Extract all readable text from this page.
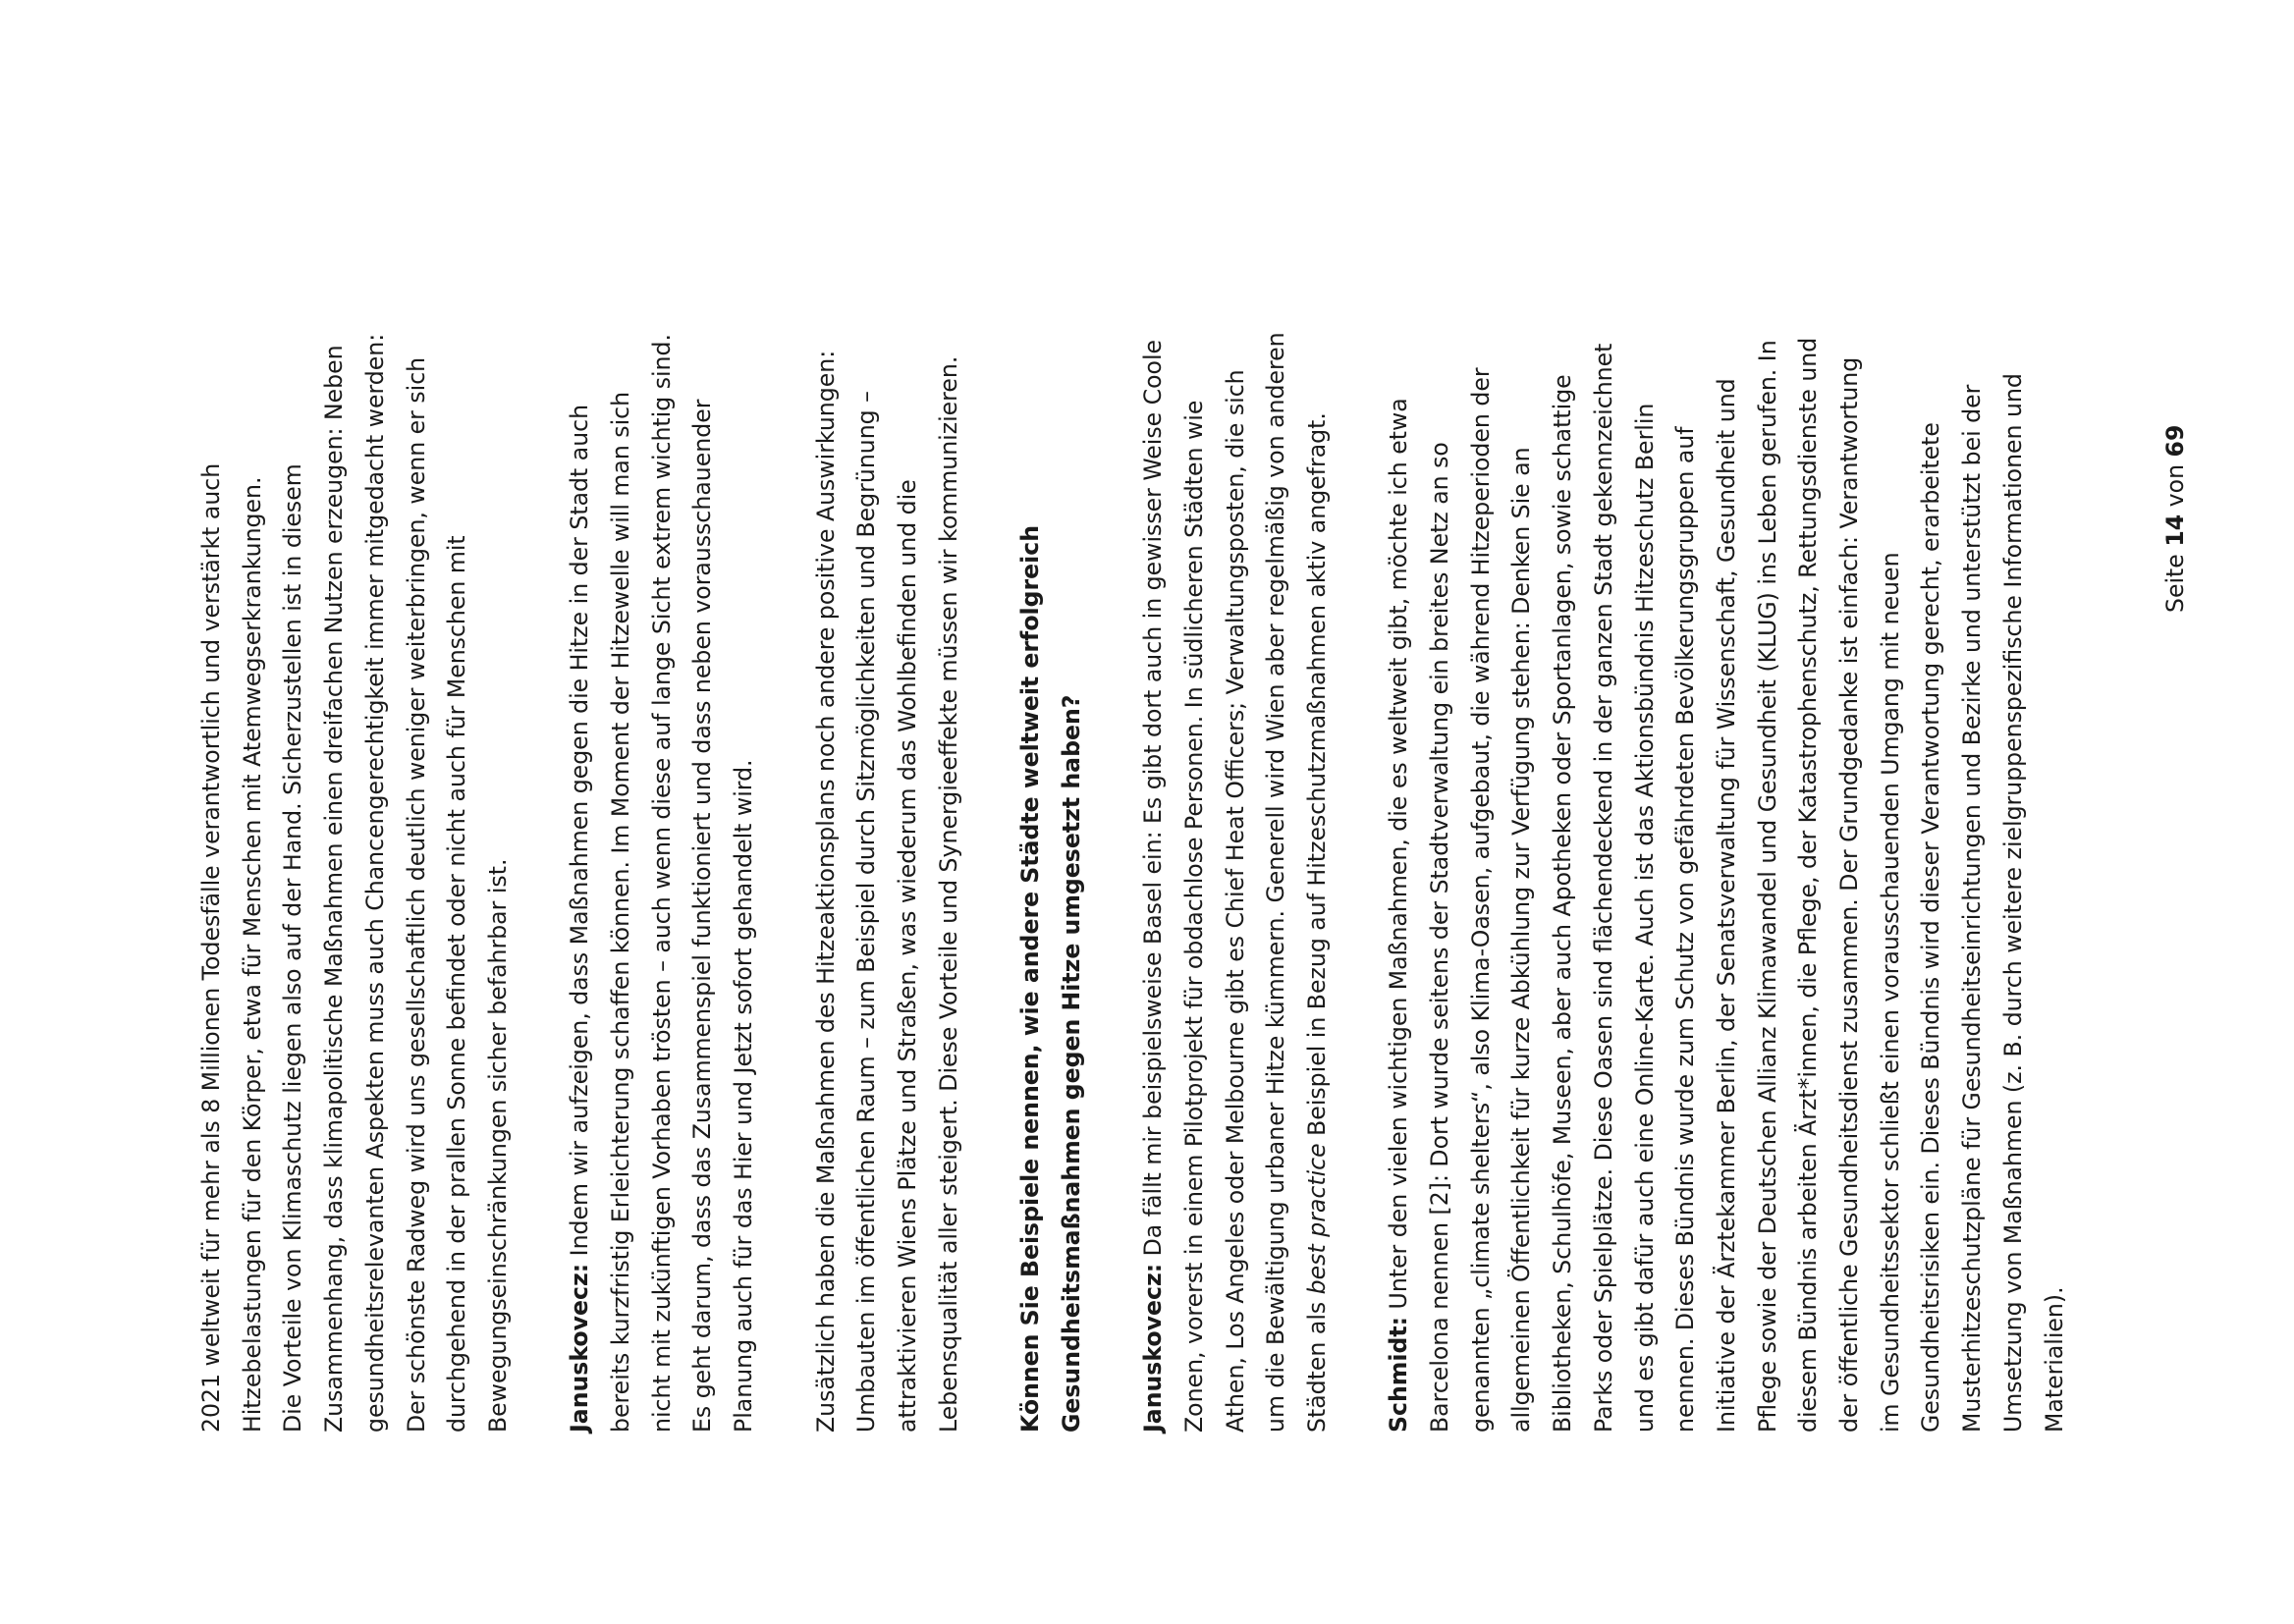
2021 weltweit für mehr als 8 Millionen Todesfälle verantwortlich und verstärkt auch Hitzebelastungen für den Körper, etwa für Menschen mit Atemwegserkrankungen. Die Vorteile von Klimaschutz liegen also auf der Hand. Sicherzustellen ist in diesem Zusammenhang, dass klimapolitische Maßnahmen einen dreifachen Nutzen erzeugen: Neben gesundheitsrelevanten Aspekten muss auch Chancengerechtigkeit immer mitgedacht werden: Der schönste Radweg wird uns gesellschaftlich deutlich weniger weiterbringen, wenn er sich durchgehend in der prallen Sonne befindet oder nicht auch für Menschen mit Bewegungseinschränkungen sicher befahrbar ist.	Januskovecz: Indem wir aufzeigen, dass Maßnahmen gegen die Hitze in der Stadt auch bereits kurzfristig Erleichterung schaffen können. Im Moment der Hitzewelle will man sich nicht mit zukünftigen Vorhaben trösten – auch wenn diese auf lange Sicht extrem wichtig sind. Es geht darum, dass das Zusammenspiel funktioniert und dass neben vorausschauender Planung auch für das Hier und Jetzt sofort gehandelt wird.	Zusätzlich haben die Maßnahmen des Hitzeaktionsplans noch andere positive Auswirkungen: Umbauten im öffentlichen Raum – zum Beispiel durch Sitzmöglichkeiten und Begrünung – attraktivieren Wiens Plätze und Straßen, was wiederum das Wohlbefinden und die Lebensqualität aller steigert. Diese Vorteile und Synergieeffekte müssen wir kommunizieren.	Können Sie Beispiele nennen, wie andere Städte weltweit erfolgreich Gesundheitsmaßnahmen gegen Hitze umgesetzt haben?	Januskovecz: Da fällt mir beispielsweise Basel ein: Es gibt dort auch in gewisser Weise Coole Zonen, vorerst in einem Pilotprojekt für obdachlose Personen. In südlicheren Städten wie Athen, Los Angeles oder Melbourne gibt es Chief Heat Officers; Verwaltungsposten, die sich um die Bewältigung urbaner Hitze kümmern. Generell wird Wien aber regelmäßig von anderen Städten als best practice Beispiel in Bezug auf Hitzeschutzmaßnahmen aktiv angefragt.
Schmidt: Unter den vielen wichtigen Maßnahmen, die es weltweit gibt, möchte ich etwa Barcelona nennen [2]: Dort wurde seitens der Stadtverwaltung ein breites Netz an so genannten „climate shelters“, also Klima-Oasen, aufgebaut, die während Hitzeperioden der allgemeinen Öffentlichkeit für kurze Abkühlung zur Verfügung stehen: Denken Sie an Bibliotheken, Schulhöfe, Museen, aber auch Apotheken oder Sportanlagen, sowie schattige Parks oder Spielplätze. Diese Oasen sind flächendeckend in der ganzen Stadt gekennzeichnet und es gibt dafür auch eine Online-Karte. Auch ist das Aktionsbündnis Hitzeschutz Berlin nennen. Dieses Bündnis wurde zum Schutz von gefährdeten Bevölkerungsgruppen auf Initiative der Ärztekammer Berlin, der Senatsverwaltung für Wissenschaft, Gesundheit und Pflege sowie der Deutschen Allianz Klimawandel und Gesundheit (KLUG) ins Leben gerufen. In diesem Bündnis arbeiten Ärzt*innen, die Pflege, der Katastrophenschutz, Rettungsdienste und der öffentliche Gesundheitsdienst zusammen. Der Grundgedanke ist einfach: Verantwortung im Gesundheitssektor schließt einen vorausschauenden Umgang mit neuen Gesundheitsrisiken ein. Dieses Bündnis wird dieser Verantwortung gerecht, erarbeitete Musterhitzeschutzpläne für Gesundheitseinrichtungen und Bezirke und unterstützt bei der Umsetzung von Maßnahmen (z. B. durch weitere zielgruppenspezifische Informationen und Materialien).
Seite 14 von 69
